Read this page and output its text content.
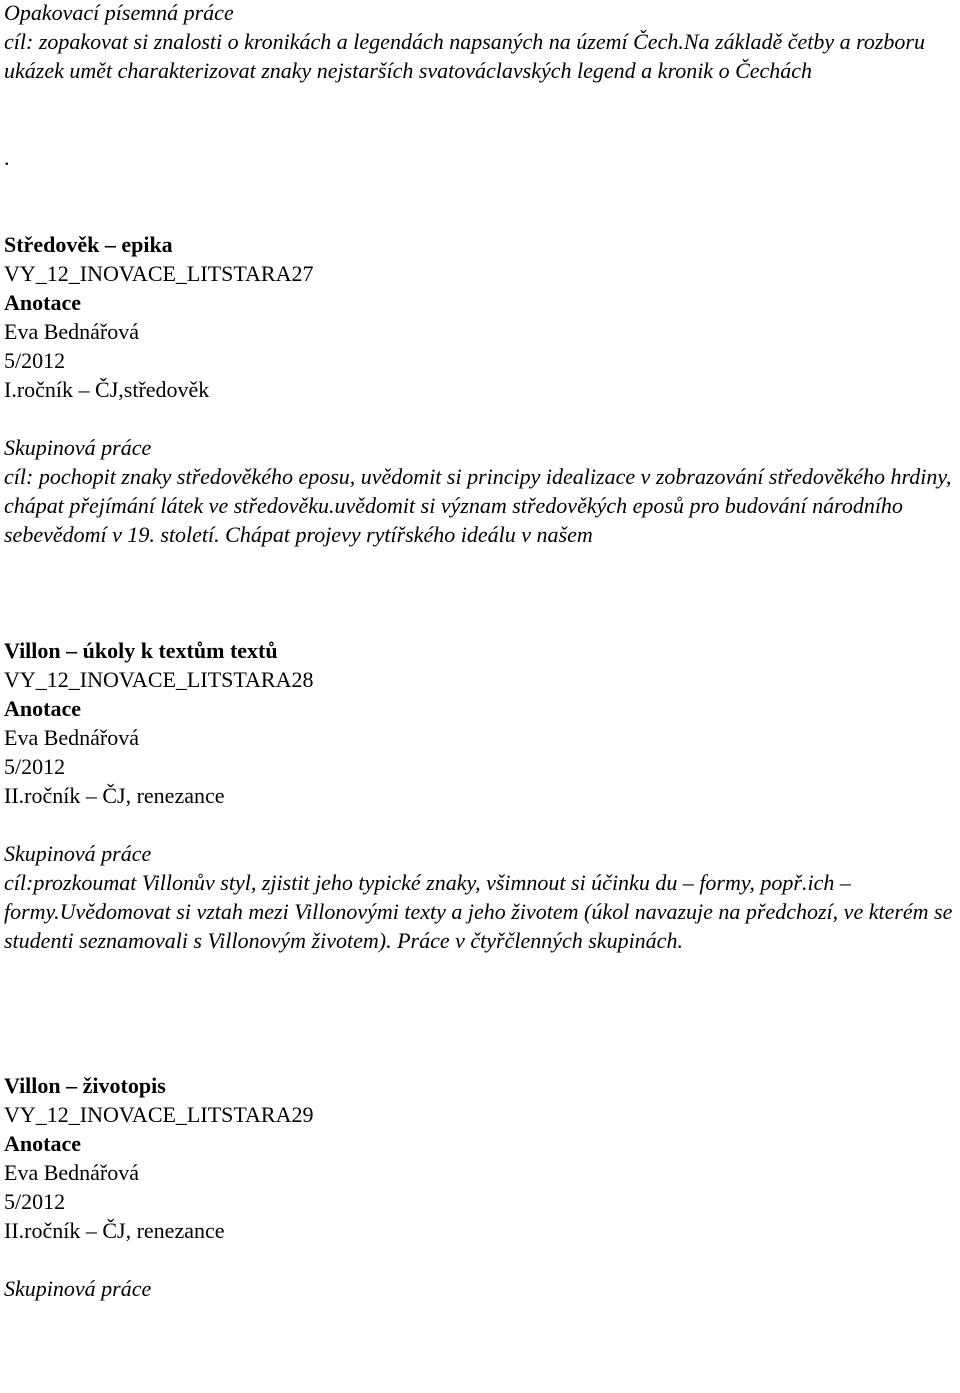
Opakovací písemná práce
cíl: zopakovat si znalosti o kronikách a legendách napsaných na území Čech.Na základě četby a rozboru ukázek umět charakterizovat znaky nejstarších svatováclavských legend a kronik o Čechách
.
Středověk – epika
VY_12_INOVACE_LITSTARA27
Anotace
Eva Bednářová
5/2012
I.ročník – ČJ,středověk
Skupinová práce
cíl: pochopit znaky středověkého eposu, uvědomit si principy idealizace v zobrazování středověkého hrdiny, chápat přejímání látek ve středověku.uvědomit si význam středověkých eposů pro budování národního sebevědomí v 19. století. Chápat projevy rytířského ideálu v našem
Villon – úkoly k textům textů
VY_12_INOVACE_LITSTARA28
Anotace
Eva Bednářová
5/2012
II.ročník – ČJ, renezance
Skupinová práce
cíl:prozkoumat Villonův styl, zjistit jeho typické znaky, všimnout si účinku du – formy, popř.ich – formy.Uvědomovat si vztah mezi Villonovými texty a jeho životem (úkol navazuje na předchozí, ve kterém se studenti seznamovali s Villonovým životem). Práce v čtyřčlenných skupinách.
Villon – životopis
VY_12_INOVACE_LITSTARA29
Anotace
Eva Bednářová
5/2012
II.ročník – ČJ, renezance
Skupinová práce
